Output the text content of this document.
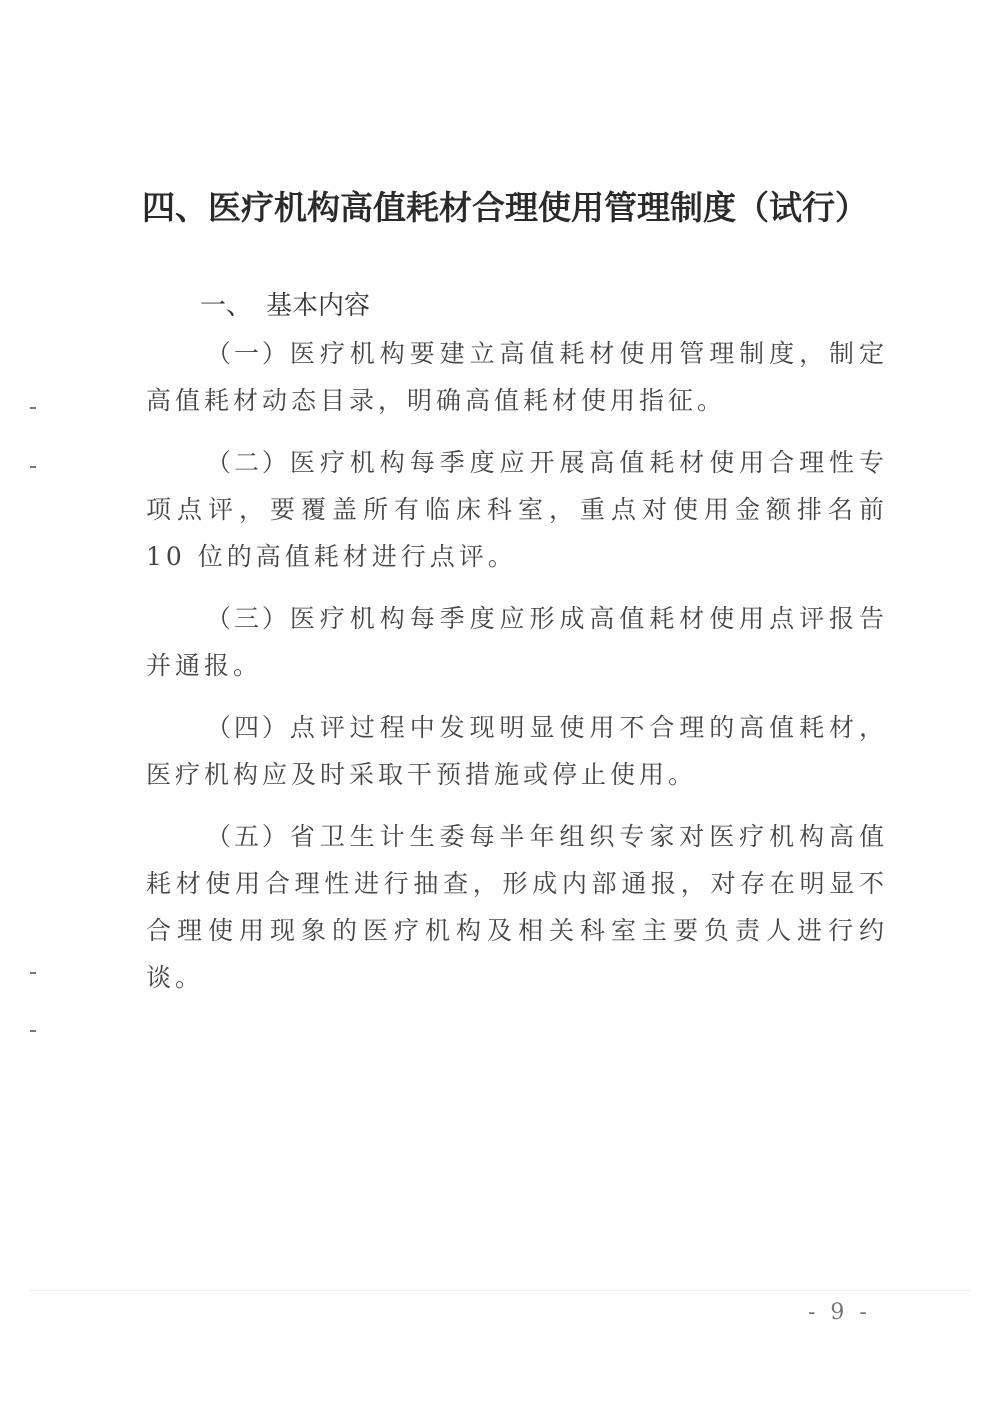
四、医疗机构高值耗材合理使用管理制度（试行）
一、 基本内容

（一）医疗机构要建立高值耗材使用管理制度，制定高值耗材动态目录，明确高值耗材使用指征。

（二）医疗机构每季度应开展高值耗材使用合理性专项点评，要覆盖所有临床科室，重点对使用金额排名前 10 位的高值耗材进行点评。

（三）医疗机构每季度应形成高值耗材使用点评报告并通报。

（四）点评过程中发现明显使用不合理的高值耗材，医疗机构应及时采取干预措施或停止使用。

（五）省卫生计生委每半年组织专家对医疗机构高值耗材使用合理性进行抽查，形成内部通报，对存在明显不合理使用现象的医疗机构及相关科室主要负责人进行约谈。

- 9 -
